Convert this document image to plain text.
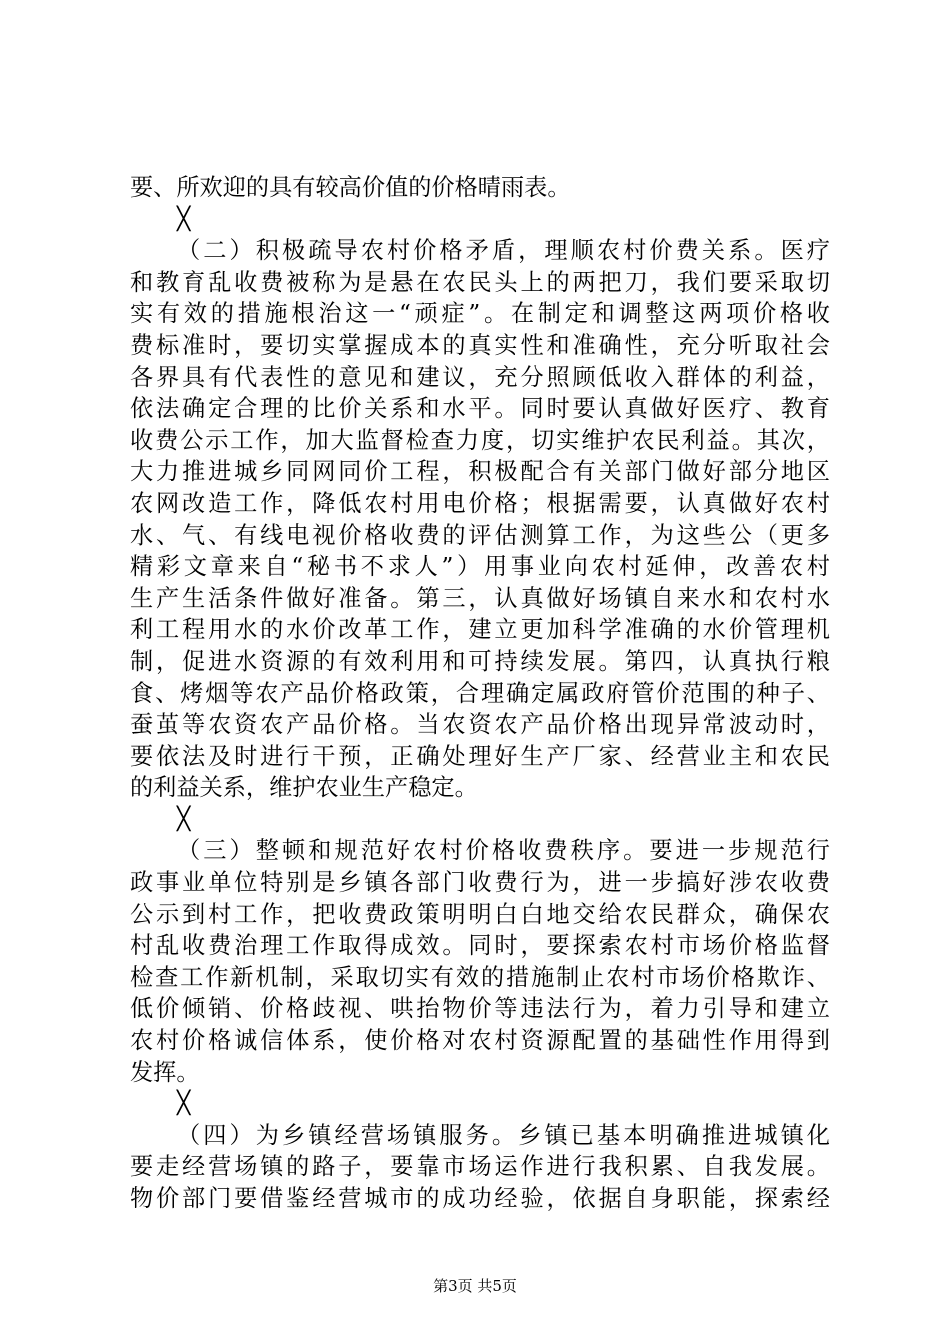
要、所欢迎的具有较高价值的价格晴雨表。
╳
（二）积极疏导农村价格矛盾，理顺农村价费关系。医疗
和教育乱收费被称为是悬在农民头上的两把刀，我们要采取切
实有效的措施根治这一“顽症”。在制定和调整这两项价格收
费标准时，要切实掌握成本的真实性和准确性，充分听取社会
各界具有代表性的意见和建议，充分照顾低收入群体的利益，
依法确定合理的比价关系和水平。同时要认真做好医疗、教育
收费公示工作，加大监督检查力度，切实维护农民利益。其次，
大力推进城乡同网同价工程，积极配合有关部门做好部分地区
农网改造工作，降低农村用电价格；根据需要，认真做好农村
水、气、有线电视价格收费的评估测算工作，为这些公（更多
精彩文章来自“秘书不求人”）用事业向农村延伸，改善农村
生产生活条件做好准备。第三，认真做好场镇自来水和农村水
利工程用水的水价改革工作，建立更加科学准确的水价管理机
制，促进水资源的有效利用和可持续发展。第四，认真执行粮
食、烤烟等农产品价格政策，合理确定属政府管价范围的种子、
蚕茧等农资农产品价格。当农资农产品价格出现异常波动时，
要依法及时进行干预，正确处理好生产厂家、经营业主和农民
的利益关系，维护农业生产稳定。
╳
（三）整顿和规范好农村价格收费秩序。要进一步规范行
政事业单位特别是乡镇各部门收费行为，进一步搞好涉农收费
公示到村工作，把收费政策明明白白地交给农民群众，确保农
村乱收费治理工作取得成效。同时，要探索农村市场价格监督
检查工作新机制，采取切实有效的措施制止农村市场价格欺诈、
低价倾销、价格歧视、哄抬物价等违法行为，着力引导和建立
农村价格诚信体系，使价格对农村资源配置的基础性作用得到
发挥。
╳
（四）为乡镇经营场镇服务。乡镇已基本明确推进城镇化
要走经营场镇的路子，要靠市场运作进行我积累、自我发展。
物价部门要借鉴经营城市的成功经验，依据自身职能，探索经
第3页 共5页
